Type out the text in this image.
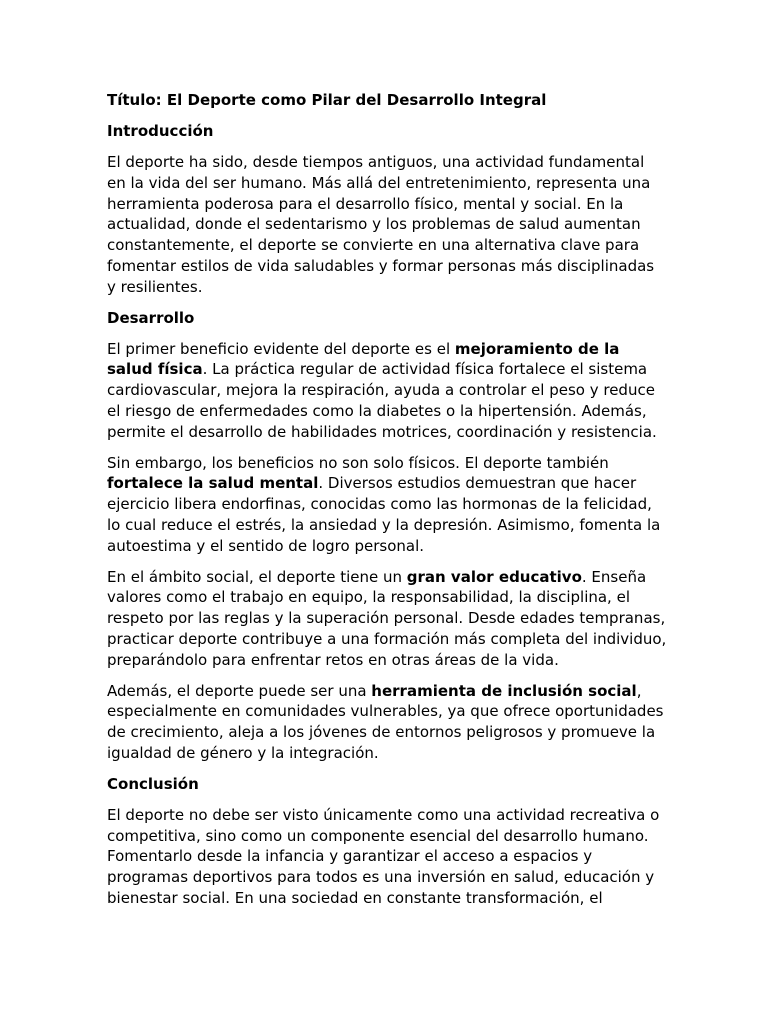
Título: El Deporte como Pilar del Desarrollo Integral
Introducción

El deporte ha sido, desde tiempos antiguos, una actividad fundamental en la vida del ser humano. Más allá del entretenimiento, representa una herramienta poderosa para el desarrollo físico, mental y social. En la actualidad, donde el sedentarismo y los problemas de salud aumentan constantemente, el deporte se convierte en una alternativa clave para fomentar estilos de vida saludables y formar personas más disciplinadas y resilientes.

Desarrollo

El primer beneficio evidente del deporte es el mejoramiento de la salud física. La práctica regular de actividad física fortalece el sistema cardiovascular, mejora la respiración, ayuda a controlar el peso y reduce el riesgo de enfermedades como la diabetes o la hipertensión. Además, permite el desarrollo de habilidades motrices, coordinación y resistencia.

Sin embargo, los beneficios no son solo físicos. El deporte también fortalece la salud mental. Diversos estudios demuestran que hacer ejercicio libera endorfinas, conocidas como las hormonas de la felicidad, lo cual reduce el estrés, la ansiedad y la depresión. Asimismo, fomenta la autoestima y el sentido de logro personal.

En el ámbito social, el deporte tiene un gran valor educativo. Enseña valores como el trabajo en equipo, la responsabilidad, la disciplina, el respeto por las reglas y la superación personal. Desde edades tempranas, practicar deporte contribuye a una formación más completa del individuo, preparándolo para enfrentar retos en otras áreas de la vida.

Además, el deporte puede ser una herramienta de inclusión social, especialmente en comunidades vulnerables, ya que ofrece oportunidades de crecimiento, aleja a los jóvenes de entornos peligrosos y promueve la igualdad de género y la integración.

Conclusión

El deporte no debe ser visto únicamente como una actividad recreativa o competitiva, sino como un componente esencial del desarrollo humano. Fomentarlo desde la infancia y garantizar el acceso a espacios y programas deportivos para todos es una inversión en salud, educación y bienestar social. En una sociedad en constante transformación, el
